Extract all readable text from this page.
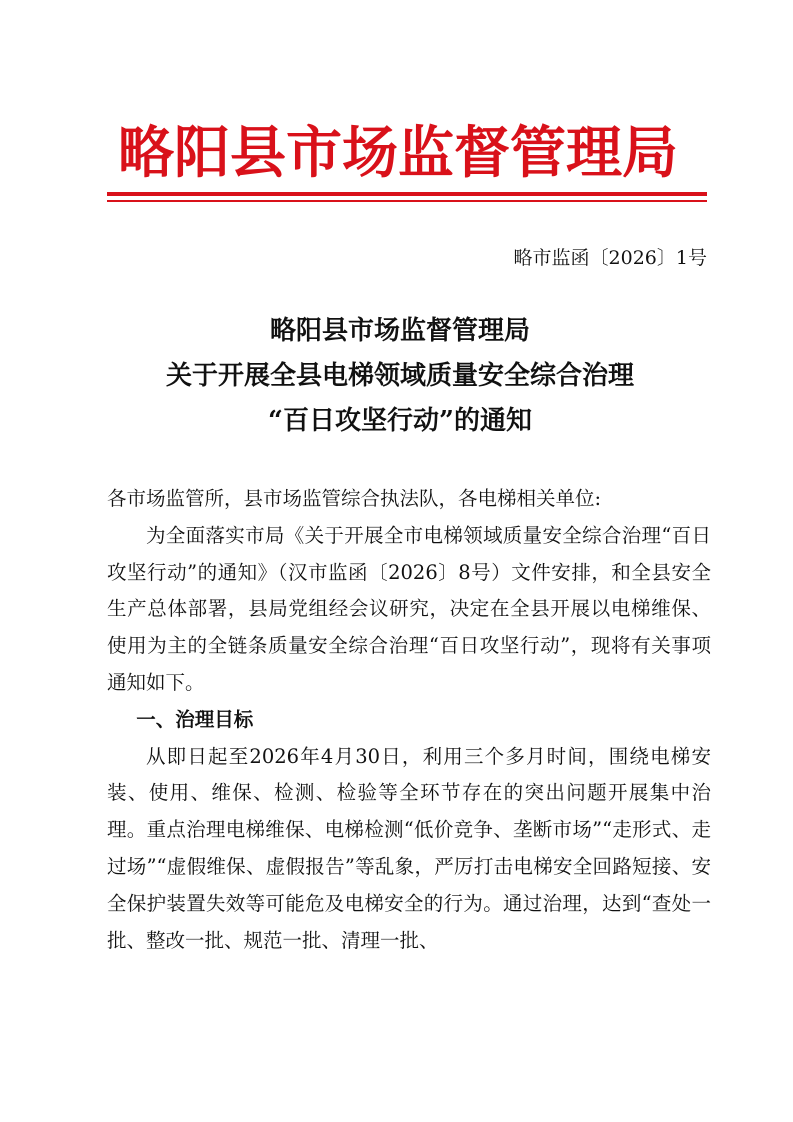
略阳县市场监督管理局
略市监函〔2026〕1号
略阳县市场监督管理局
关于开展全县电梯领域质量安全综合治理
“百日攻坚行动”的通知

各市场监管所，县市场监管综合执法队，各电梯相关单位:

为全面落实市局《关于开展全市电梯领域质量安全综合治理“百日攻坚行动”的通知》（汉市监函〔2026〕8号）文件安排，和全县安全生产总体部署，县局党组经会议研究，决定在全县开展以电梯维保、使用为主的全链条质量安全综合治理“百日攻坚行动”，现将有关事项通知如下。

一、治理目标

从即日起至2026年4月30日，利用三个多月时间，围绕电梯安装、使用、维保、检测、检验等全环节存在的突出问题开展集中治理。重点治理电梯维保、电梯检测“低价竞争、垄断市场”“走形式、走过场”“虚假维保、虚假报告”等乱象，严厉打击电梯安全回路短接、安全保护装置失效等可能危及电梯安全的行为。通过治理，达到“查处一批、整改一批、规范一批、清理一批、
